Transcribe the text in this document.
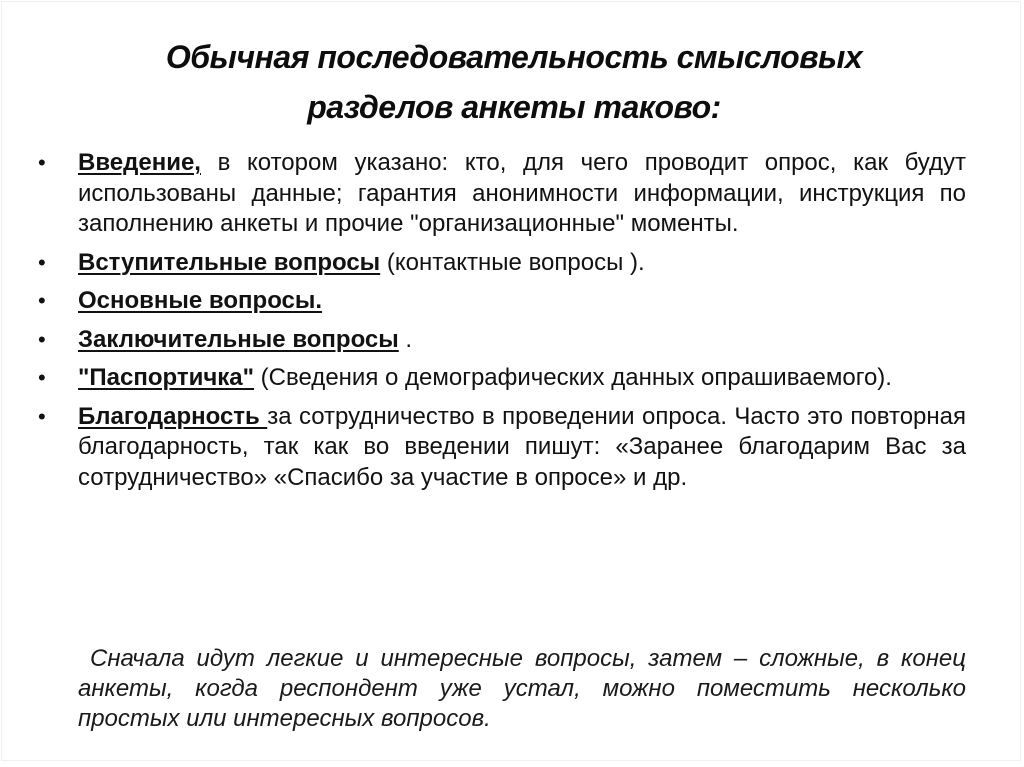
Обычная последовательность смысловых
разделов анкеты таково:
•	Введение, в котором указано: кто, для чего проводит опрос, как будут использованы данные; гарантия анонимности информации, инструкция по заполнению анкеты и прочие "организационные" моменты.
•	Вступительные вопросы (контактные вопросы ).
•	Основные вопросы.
•	Заключительные вопросы .
•	"Паспортичка" (Сведения о демографических данных опрашиваемого).
•	Благодарность за сотрудничество в проведении опроса. Часто это повторная благодарность, так как во введении пишут: «Заранее благодарим Вас за сотрудничество» «Спасибо за участие в опросе» и др.

Сначала идут легкие и интересные вопросы, затем – сложные, в конец анкеты, когда респондент уже устал, можно поместить несколько простых или интересных вопросов.
